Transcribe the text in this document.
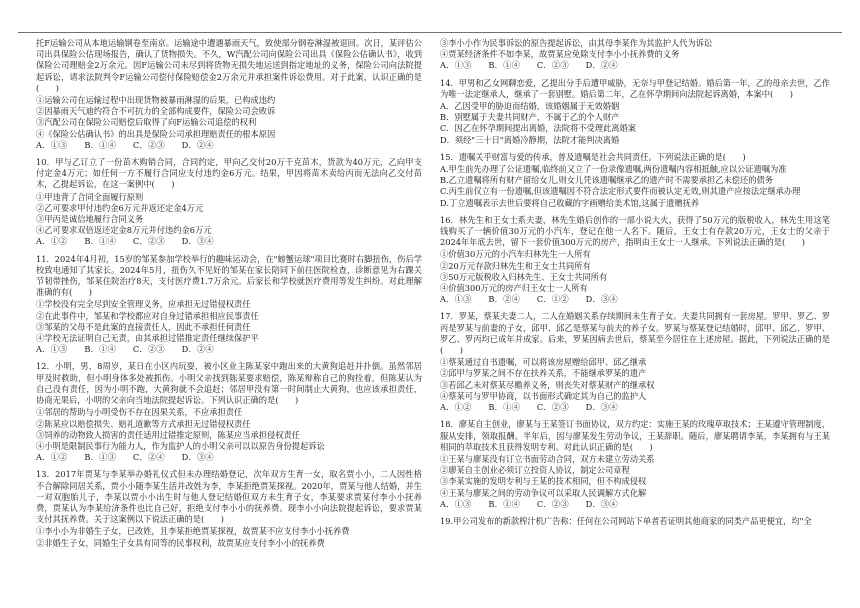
托F运输公司从本地运输钢卷至南京。运输途中遭遇暴雨天气，致使部分钢卷淋湿被退回。次日，某评估公司出具保险公估现场报告，确认了货物损失。不久，W汽配公司向保险公司出具《保险公估确认书》，收到保险公司理赔金2万余元。因F运输公司未尽到将货物无损失地运送到指定地址的义务，保险公司向法院提起诉讼，请求法院判令F运输公司偿付保险赔偿金2万余元并承担案件诉讼费用。对于此案，认识正确的是(　　)

①运输公司在运输过程中出现货物被暴雨淋湿的后果，已构成违约

②因暴雨天气迪约符合不可抗力的全部构成要件，保险公司会败诉

③汽配公司在保险公司赔偿后取得了向F运输公司追偿的权利

④《保险公估确认书》的出具是保险公司承担理赔责任的根本原因

A．①③　　B．①④　　C．②③　　D．②④

10．甲与乙订立了一份苗木购销合同，合同约定，甲向乙交付20万千克苗木，货款为40万元，乙向甲支付定金4万元；如任何一方不履行合同应支付违约金6万元。结果，甲因将苗木卖给丙而无法向乙交付苗木，乙提起诉讼，在这一案例中(　　)

①甲违背了合同全面履行原则

②乙可要求甲付违约金6万元并返还定金4万元

③甲丙是诚信地履行合同义务

④乙可要求双倍返还定金8万元并付违约金6万元

A．①②　　B．①④　　C．②③　　D．③④

11．2024年4月初，15岁的邹某参加学校举行的趣味运动会，在"螃蟹运球"项目比赛时右脚扭伤，伤后学校致电通知了其家长。2024年5月，扭伤久不见好的邹某在家长陪同下前往医院检查，诊断意见为右踝关节韧带挫伤，邹某住院治疗8天，支付医疗费1.7万余元。后家长和学校就医疗费用等发生纠纷。对此理解准确的有(　　)

①学校没有完全尽到安全管理义务，应承担无过错侵权责任

②在此事件中，邹某和学校都应对自身过错承担相应民事责任

③邹某的父母不是此案的直接责任人，因此不承担任何责任

④学校无法证明自己无责，由其承担过错推定责任继续保护平

A．①③　　B．①④　　C．②③　　D．②④

12．小明，男，8周岁，某日在小区内玩耍，被小区业主陈某家中跑出来的大黄狗追赶并扑倒。虽然邻居甲及时救助，但小明身体多处被抓伤。小明父亲找到陈某要求赔偿，陈某辩称自己的狗拴着，但陈某认为自己没有责任，因为小明不跑，大黄狗就不会追赶；邻居甲没有第一时间制止大黄狗，也应该承担责任，协商无果后，小明的父亲向当地法院提起诉讼。下列认识正确的是(　　)

①邻居的帮助与小明受伤不存在因果关系，不应承担责任

②陈某应以赔偿损失、赔礼道歉等方式承担无过错侵权责任

③饲养的动物致人损害的责任适用过错推定原则，陈某应当承担侵权责任

④小明是限制民事行为能力人，作为监护人的小明父亲可以以原告身份提起诉讼

A．①②　　B．①③　　C．②④　　D．③④

13．2017年贾某与李某举办婚礼仪式但未办理结婚登记，次年双方生育一女，取名贾小小，二人因性格不合解除同居关系，贾小小随李某生活并改姓为李，李某拒绝贾某探视。2020年，贾某与他人结婚，并生一对双胞胎儿子，李某以贾小小出生时与他人登记结婚但双方未生育子女，李某要求贾某付李小小抚养费，贾某认为李某给济条件也比自己好，拒绝支付李小小的抚养费。现李小小向法院提起诉讼，要求贾某支付其抚养费。关于这案例以下说法正确的是(　　)

①李小小为非婚生子女，已改姓，且李某拒绝贾某探视，故贾某不应支付李小小抚养费

②非婚生子女，同婚生子女具有同等的民事权利，故贾某应支付李小小的抚养费

③李小小作为民事诉讼的原告提起诉讼，由其母李某作为其监护人代为诉讼

④贾某经济条件不如李某，故贾某应免除支付李小小抚养费的义务

A．①③　　B．①④　　C．②③　　D．②④

14．甲男和乙女网聊恋爱，乙提出分手后遭甲威胁，无奈与甲登记结婚。婚后第一年，乙的母亲去世，乙作为唯一法定继承人，继承了一套别墅。婚后第二年，乙在怀孕期间向法院起诉离婚，本案中(　　)

A．乙因受甲的胁迫而结婚，该婚姻属于无效婚姻

B．别墅属于夫妻共同财产，不属于乙的个人财产

C．因乙在怀孕期间提出离婚，法院将不受理此离婚案

D．须经"三十日"离婚冷静期，法院才能判决离婚

15．遗嘱关乎财富与爱的传承，普及遗嘱是社会共同责任。下列说法正确的是(　　)

A.甲生前先办理了公证遗嘱,临终前又立了一份录像遗嘱,两份遗嘱内容相抵触,应以公证遗嘱为准

B.乙立遗嘱将所有财产留给女儿,则女儿凭该遗嘱继承乙的遗产时不需要承担乙未偿还的债务

C.丙生前仅立有一份遗嘱,但该遗嘱因不符合法定形式要件而被认定无效,则其遗产应按法定继承办理

D.丁立遗嘱表示去世后要将自己收藏的字画赠给美术馆,这属于遗赠抚养

16．林先生和王女士系夫妻，林先生婚后创作的一部小说大火，获得了50万元的版税收入，林先生用这笔钱购买了一辆价值30万元的小汽车，登记在他一人名下。随后，王女士有存款20万元，王女士的父亲于2024年年底去世，留下一套价值300万元的房产，指明由王女士一人继承。下列说法正确的是(　　)

①价值30万元的小汽车归林先生一人所有

②20万元存款归林先生和王女士共同所有

③50万元版税收入归林先生、王女士共同所有

④价值300万元的房产归王女士一人所有

A．①③　　B．②④　　C．①②　　D．③④

17．罗某，蔡某夫妻二人，二人在婚姻关系存续期间未生育子女。夫妻共同拥有一套房屋。罗甲、罗乙、罗丙是罗某与前妻的子女，邱甲、邱乙是蔡某与前夫的养子女。罗某与蔡某登记结婚时，邱甲、邱乙、罗甲、罗乙、罗丙均已成年并成家。后来，罗某因病去世后，蔡某至今居住在上述房屋。据此，下列说法正确的是(　　)

①蔡某通过自书遗嘱，可以将该房屋赠给邱甲、邱乙继承

②邱甲与罗某之间不存在扶养关系，不能继承罗某的遗产

③若邱乙未对蔡某尽赡养义务，则丧失对蔡某财产的继承权

④蔡某可与罗甲协商，以书面形式确定其为自己的监护人

A．①②　　B．①④　　C．②③　　D．③④

18．廖某自主创业，廖某与王某签订书面协议，双方约定：实施王某的玫瑰草取技术；王某遵守管理制度，服从安排，领取报酬。半年后，因与廖某发生劳动争议，王某辞职。随后，廖某聘请李某，李某拥有与王某相同的萃取技术且获得发明专利。对此认识正确的是(　　)

①王某与廖某没有订立书面劳动合同，双方未建立劳动关系

②廖某自主创业必须订立投资人协议，制定公司章程

③李某实施的发明专利与王某的技术相同，但不构成侵权

④王某与廖某之间的劳动争议可以采取人民调解方式化解

A．①③　　B．①④　　C．②③　　D．③④

19.甲公司发布的新款榨汁机广告称：任何在公司网站下单者若证明其他商家的同类产品更便宜，均"全
